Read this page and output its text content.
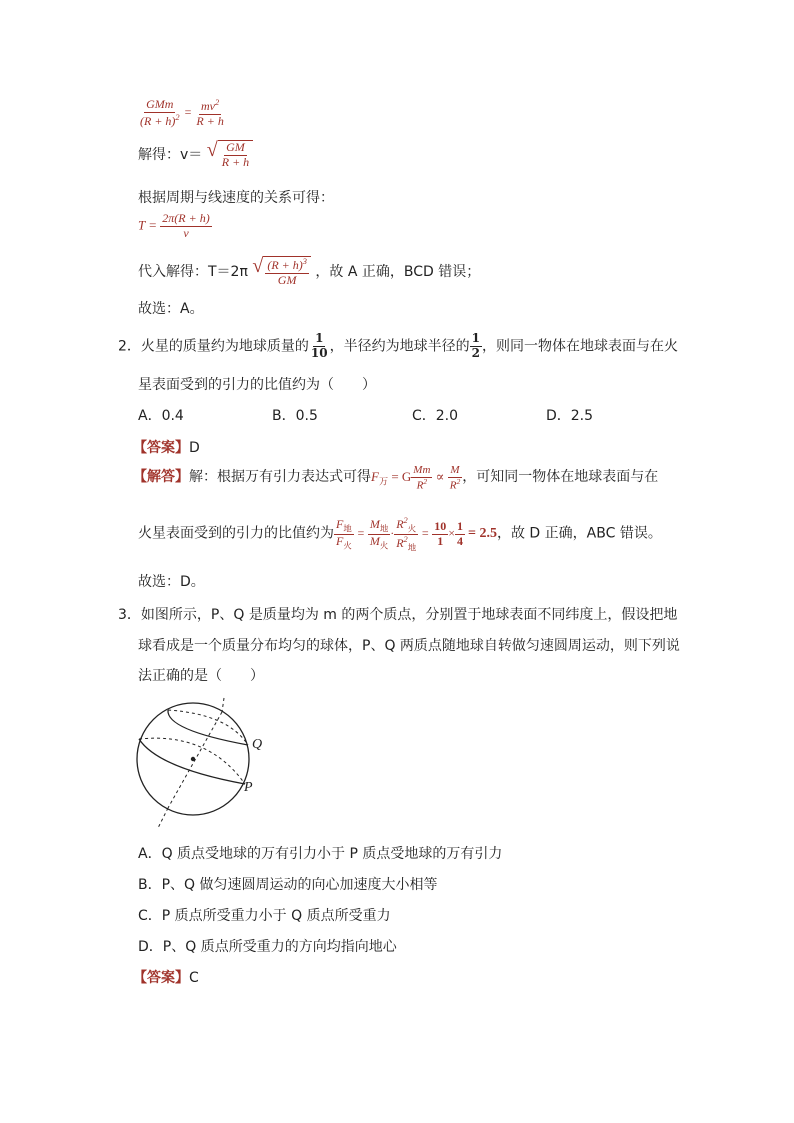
$\frac{\text{GMm}}{(R + h)^2} = \frac{mv^2}{R + h}$
解得：v＝ √ $\frac{GM}{R + h}$
根据周期与线速度的关系可得：
$T = \frac{2\pi(R + h)}{v}$
代入解得：T＝2π √ $\frac{(R + h)^3}{GM}$ ，故 A 正确，BCD 错误；
故选：A。
2．火星的质量约为地球质量的 $\frac{1}{10}$ ，半径约为地球半径的 $\frac{1}{2}$ ，则同一物体在地球表面与在火
星表面受到的引力的比值约为（　　）
A．0.4	B．0.5	C．2.0	D．2.5
【答案】D
【解答】解：根据万有引力表达式可得$F_万 = G \frac{Mm}{R^2} \propto \frac{M}{R^2}$ ，可知同一物体在地球表面与在
火星表面受到的引力的比值约为 $\frac{F_地}{F_火} = \frac{M_地}{M_火} \cdot \frac{R^2_火}{R^2_地} = \frac{10}{1} \times \frac{1}{4} = 2.5$，故 D 正确，ABC 错误。
故选：D。
3．如图所示，P、Q 是质量均为 m 的两个质点，分别置于地球表面不同纬度上，假设把地
球看成是一个质量分布均匀的球体，P、Q 两质点随地球自转做匀速圆周运动，则下列说
法正确的是（　　）
Q
P
A．Q 质点受地球的万有引力小于 P 质点受地球的万有引力
B．P、Q 做匀速圆周运动的向心加速度大小相等
C．P 质点所受重力小于 Q 质点所受重力
D．P、Q 质点所受重力的方向均指向地心
【答案】C
